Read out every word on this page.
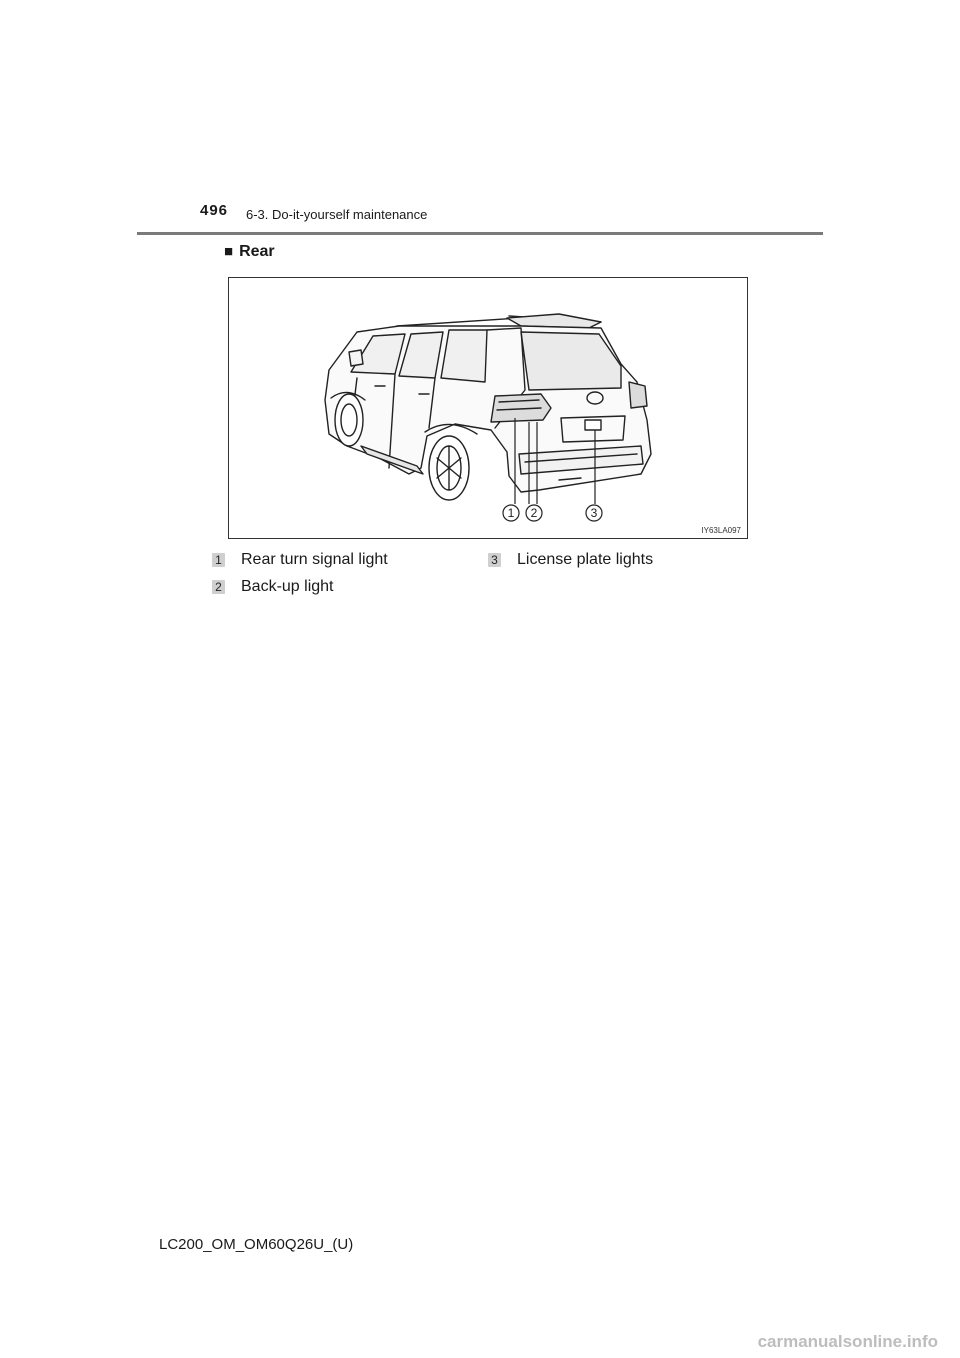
496 6-3. Do-it-yourself maintenance
■ Rear
1 2	3
IY63LA097
1 Rear turn signal light
2 Back-up light
3 License plate lights
LC200_OM_OM60Q26U_(U)
carmanualsonline.info
